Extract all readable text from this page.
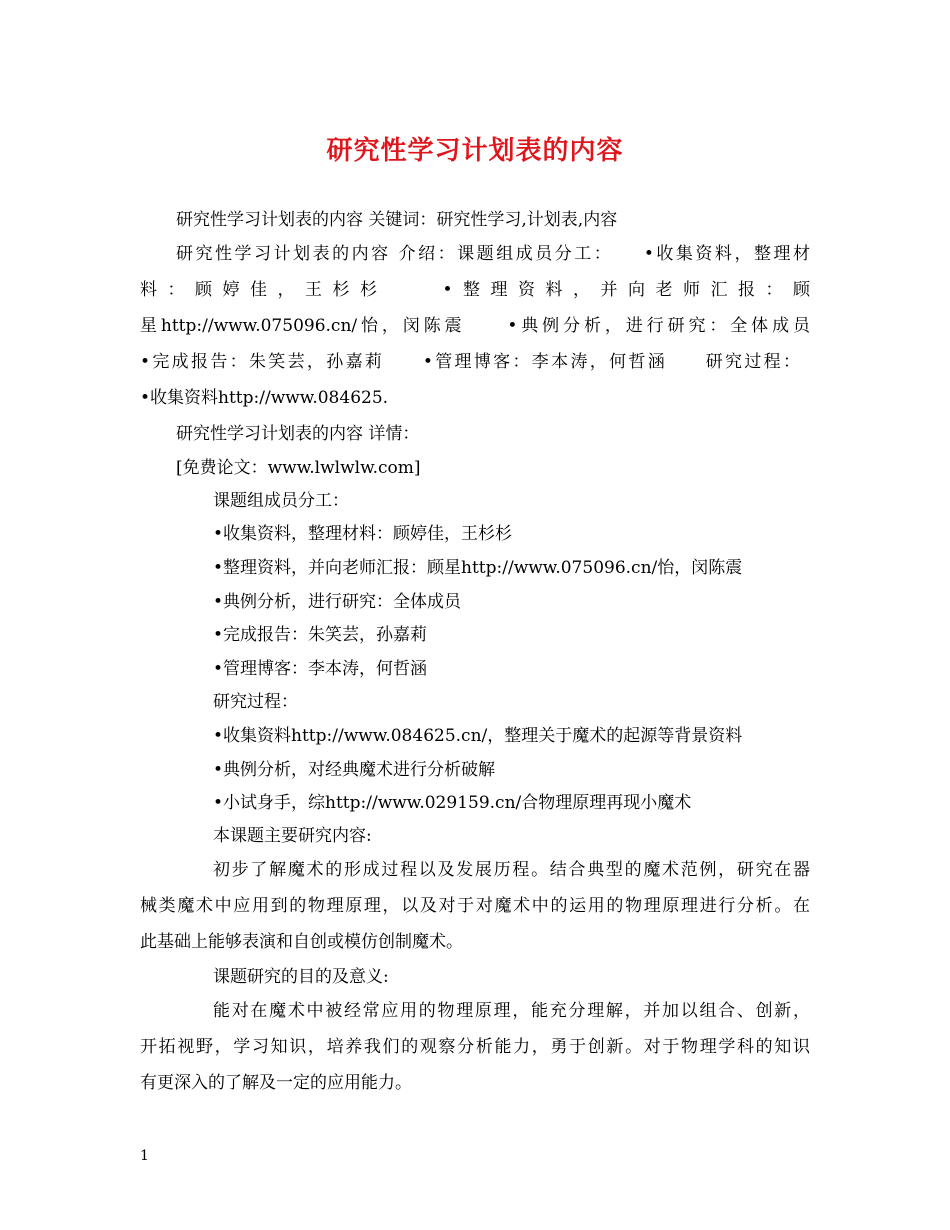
研究性学习计划表的内容
研究性学习计划表的内容 关键词：研究性学习,计划表,内容
研究性学习计划表的内容 介绍：课题组成员分工：　　•收集资料，整理材
料：顾婷佳，王杉杉　　•整理资料，并向老师汇报：顾
星http://www.075096.cn/怡，闵陈震　　•典例分析，进行研究：全体成员
•完成报告：朱笑芸，孙嘉莉　　•管理博客：李本涛，何哲涵　　研究过程：
•收集资料http://www.084625.
研究性学习计划表的内容 详情：
[免费论文：www.lwlwlw.com]
课题组成员分工：
•收集资料，整理材料：顾婷佳，王杉杉
•整理资料，并向老师汇报：顾星http://www.075096.cn/怡，闵陈震
•典例分析，进行研究：全体成员
•完成报告：朱笑芸，孙嘉莉
•管理博客：李本涛，何哲涵
研究过程：
•收集资料http://www.084625.cn/，整理关于魔术的起源等背景资料
•典例分析，对经典魔术进行分析破解
•小试身手，综http://www.029159.cn/合物理原理再现小魔术
本课题主要研究内容:
初步了解魔术的形成过程以及发展历程。结合典型的魔术范例，研究在器
械类魔术中应用到的物理原理，以及对于对魔术中的运用的物理原理进行分析。在
此基础上能够表演和自创或模仿创制魔术。
课题研究的目的及意义:
能对在魔术中被经常应用的物理原理，能充分理解，并加以组合、创新，
开拓视野，学习知识，培养我们的观察分析能力，勇于创新。对于物理学科的知识
有更深入的了解及一定的应用能力。
1
